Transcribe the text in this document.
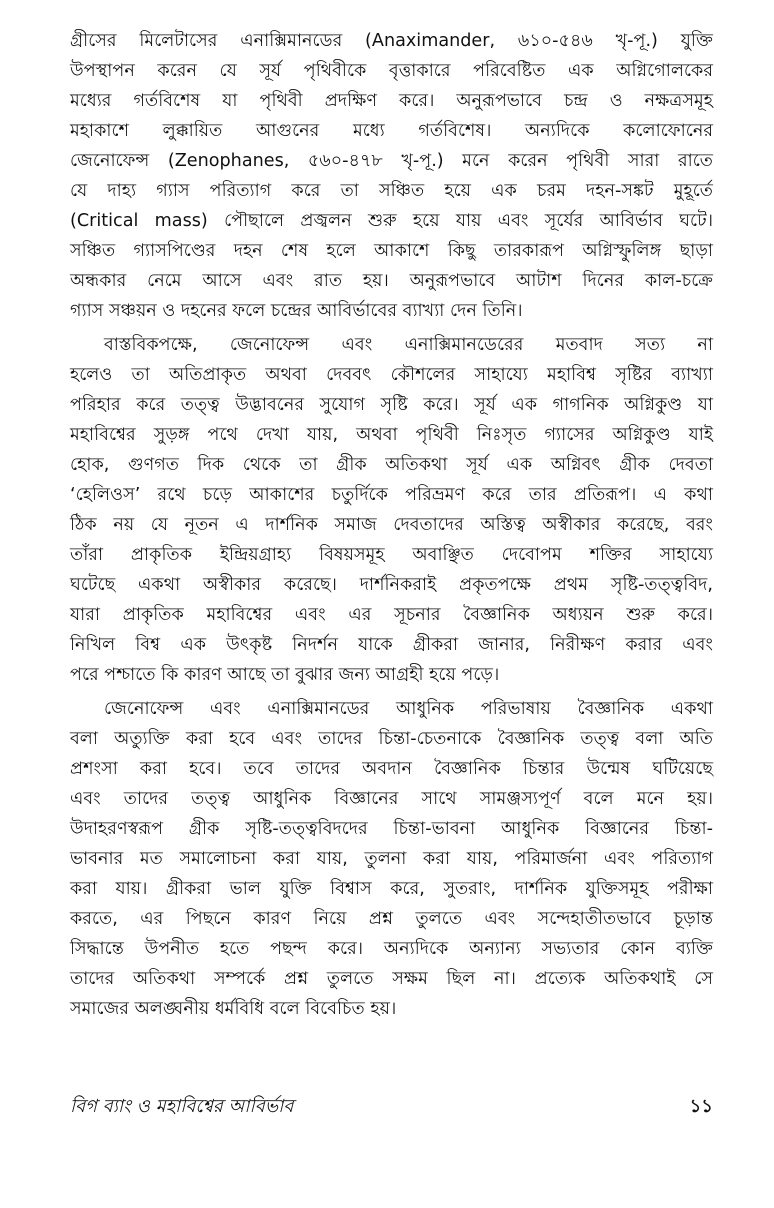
গ্রীসের মিলেটাসের এনাক্সিমানডের (Anaximander, ৬১০-৫৪৬ খৃ-পূ.) যুক্তি
উপস্থাপন করেন যে সূর্য পৃথিবীকে বৃত্তাকারে পরিবেষ্টিত এক অগ্নিগোলকের
মধ্যের গর্তবিশেষ যা পৃথিবী প্রদক্ষিণ করে। অনুরূপভাবে চন্দ্র ও নক্ষত্রসমূহ
মহাকাশে লুক্কায়িত আগুনের মধ্যে গর্তবিশেষ। অন্যদিকে কলোফোনের
জেনোফেন্স (Zenophanes, ৫৬০-৪৭৮ খৃ-পূ.) মনে করেন পৃথিবী সারা রাতে
যে দাহ্য গ্যাস পরিত্যাগ করে তা সঞ্চিত হয়ে এক চরম দহন-সঙ্কট মুহূর্তে
(Critical mass) পৌছালে প্রজ্বলন শুরু হয়ে যায় এবং সূর্যের আবির্ভাব ঘটে।
সঞ্চিত গ্যাসপিণ্ডের দহন শেষ হলে আকাশে কিছু তারকারূপ অগ্নিস্ফুলিঙ্গ ছাড়া
অন্ধকার নেমে আসে এবং রাত হয়। অনুরূপভাবে আটাশ দিনের কাল-চক্রে
গ্যাস সঞ্চয়ন ও দহনের ফলে চন্দ্রের আবির্ভাবের ব্যাখ্যা দেন তিনি।
বাস্তবিকপক্ষে, জেনোফেন্স এবং এনাক্সিমানডেরের মতবাদ সত্য না
হলেও তা অতিপ্রাকৃত অথবা দেববৎ কৌশলের সাহায্যে মহাবিশ্ব সৃষ্টির ব্যাখ্যা
পরিহার করে তত্ত্ব উদ্ভাবনের সুযোগ সৃষ্টি করে। সূর্য এক গাগনিক অগ্নিকুণ্ড যা
মহাবিশ্বের সুড়ঙ্গ পথে দেখা যায়, অথবা পৃথিবী নিঃসৃত গ্যাসের অগ্নিকুণ্ড যাই
হোক, গুণগত দিক থেকে তা গ্রীক অতিকথা সূর্য এক অগ্নিবৎ গ্রীক দেবতা
‘হেলিওস’ রথে চড়ে আকাশের চতুর্দিকে পরিভ্রমণ করে তার প্রতিরূপ। এ কথা
ঠিক নয় যে নূতন এ দার্শনিক সমাজ দেবতাদের অস্তিত্ব অস্বীকার করেছে, বরং
তাঁরা প্রাকৃতিক ইন্দ্রিয়গ্রাহ্য বিষয়সমূহ অবাঞ্ছিত দেবোপম শক্তির সাহায্যে
ঘটেছে একথা অস্বীকার করেছে। দার্শনিকরাই প্রকৃতপক্ষে প্রথম সৃষ্টি-তত্ত্ববিদ,
যারা প্রাকৃতিক মহাবিশ্বের এবং এর সূচনার বৈজ্ঞানিক অধ্যয়ন শুরু করে।
নিখিল বিশ্ব এক উৎকৃষ্ট নিদর্শন যাকে গ্রীকরা জানার, নিরীক্ষণ করার এবং
পরে পশ্চাতে কি কারণ আছে তা বুঝার জন্য আগ্রহী হয়ে পড়ে।
জেনোফেন্স এবং এনাক্সিমানডের আধুনিক পরিভাষায় বৈজ্ঞানিক একথা
বলা অত্যুক্তি করা হবে এবং তাদের চিন্তা-চেতনাকে বৈজ্ঞানিক তত্ত্ব বলা অতি
প্রশংসা করা হবে। তবে তাদের অবদান বৈজ্ঞানিক চিন্তার উন্মেষ ঘটিয়েছে
এবং তাদের তত্ত্ব আধুনিক বিজ্ঞানের সাথে সামঞ্জস্যপূর্ণ বলে মনে হয়।
উদাহরণস্বরূপ গ্রীক সৃষ্টি-তত্ত্ববিদদের চিন্তা-ভাবনা আধুনিক বিজ্ঞানের চিন্তা-
ভাবনার মত সমালোচনা করা যায়, তুলনা করা যায়, পরিমার্জনা এবং পরিত্যাগ
করা যায়। গ্রীকরা ভাল যুক্তি বিশ্বাস করে, সুতরাং, দার্শনিক যুক্তিসমূহ পরীক্ষা
করতে, এর পিছনে কারণ নিয়ে প্রশ্ন তুলতে এবং সন্দেহাতীতভাবে চূড়ান্ত
সিদ্ধান্তে উপনীত হতে পছন্দ করে। অন্যদিকে অন্যান্য সভ্যতার কোন ব্যক্তি
তাদের অতিকথা সম্পর্কে প্রশ্ন তুলতে সক্ষম ছিল না। প্রত্যেক অতিকথাই সে
সমাজের অলঙ্ঘনীয় ধর্মবিধি বলে বিবেচিত হয়।
বিগ ব্যাং ও মহাবিশ্বের আবির্ভাব	১১
